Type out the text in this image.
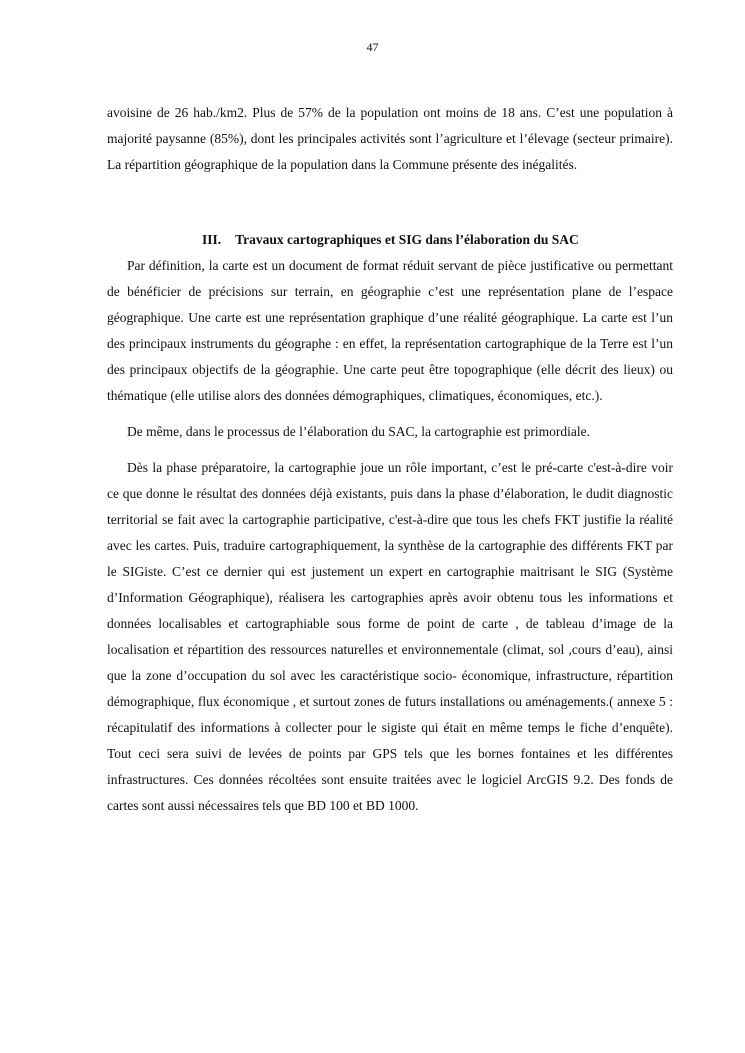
47

avoisine de 26 hab./km2. Plus de 57% de la population ont moins de 18 ans. C’est une population à majorité paysanne (85%), dont les principales activités sont l’agriculture et l’élevage (secteur primaire). La répartition géographique de la population dans la Commune présente des inégalités.

III. Travaux cartographiques et SIG dans l’élaboration du SAC

Par définition, la carte est un document de format réduit servant de pièce justificative ou permettant de bénéficier de précisions sur terrain, en géographie c’est une représentation plane de l’espace géographique. Une carte est une représentation graphique d’une réalité géographique. La carte est l’un des principaux instruments du géographe : en effet, la représentation cartographique de la Terre est l’un des principaux objectifs de la géographie. Une carte peut être topographique (elle décrit des lieux) ou thématique (elle utilise alors des données démographiques, climatiques, économiques, etc.).

De même, dans le processus de l’élaboration du SAC, la cartographie est primordiale.

Dès la phase préparatoire, la cartographie joue un rôle important, c’est le pré-carte c'est-à-dire voir ce que donne le résultat des données déjà existants, puis dans la phase d’élaboration, le dudit diagnostic territorial se fait avec la cartographie participative, c'est-à-dire que tous les chefs FKT justifie la réalité avec les cartes. Puis, traduire cartographiquement, la synthèse de la cartographie des différents FKT par le SIGiste. C’est ce dernier qui est justement un expert en cartographie maitrisant le SIG (Système d’Information Géographique), réalisera les cartographies après avoir obtenu tous les informations et données localisables et cartographiable sous forme de point de carte , de tableau d’image de la localisation et répartition des ressources naturelles et environnementale (climat, sol ,cours d’eau), ainsi que la zone d’occupation du sol avec les caractéristique socio- économique, infrastructure, répartition démographique, flux économique , et surtout zones de futurs installations ou aménagements.( annexe 5 : récapitulatif des informations à collecter pour le sigiste qui était en même temps le fiche d’enquête). Tout ceci sera suivi de levées de points par GPS tels que les bornes fontaines et les différentes infrastructures. Ces données récoltées sont ensuite traitées avec le logiciel ArcGIS 9.2. Des fonds de cartes sont aussi nécessaires tels que BD 100 et BD 1000.
